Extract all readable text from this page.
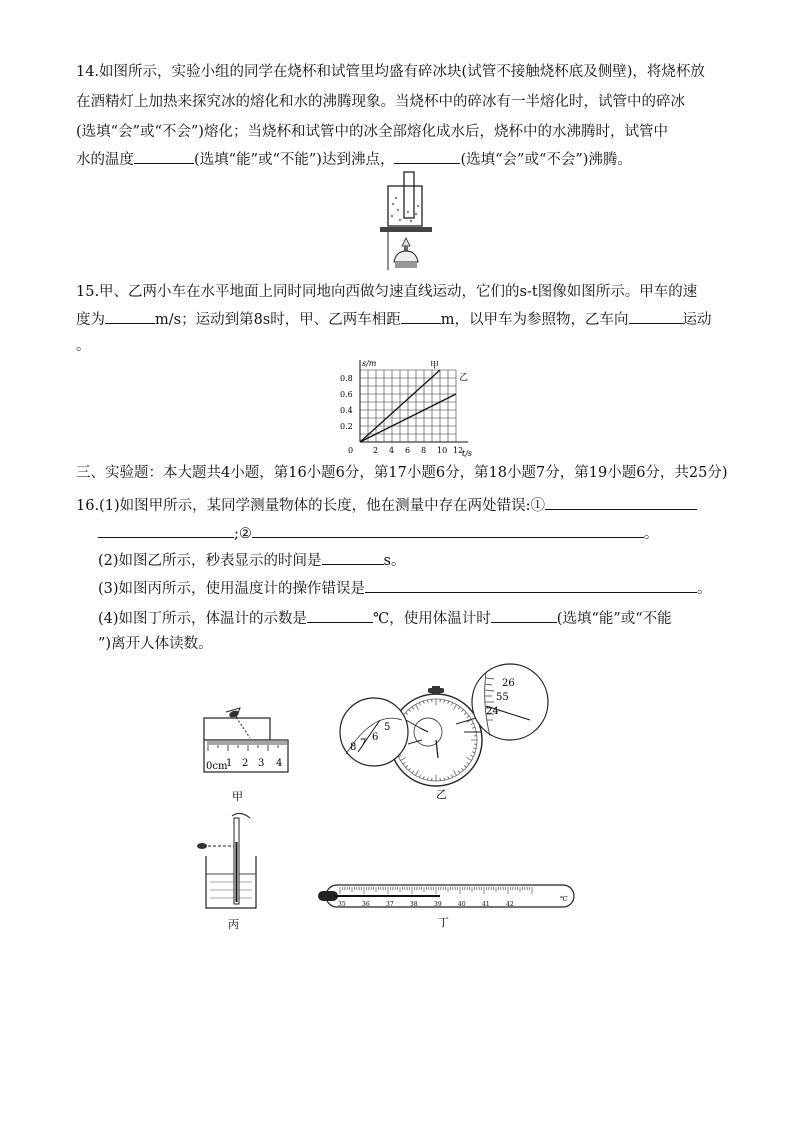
14.如图所示，实验小组的同学在烧杯和试管里均盛有碎冰块(试管不接触烧杯底及侧壁)，将烧杯放
在酒精灯上加热来探究冰的熔化和水的沸腾现象。当烧杯中的碎冰有一半熔化时，试管中的碎冰
(选填“会”或“不会”)熔化；当烧杯和试管中的冰全部熔化成水后，烧杯中的水沸腾时，试管中
水的温度	(选填“能”或“不能”)达到沸点，	(选填“会”或“不会”)沸腾。
15.甲、乙两小车在水平地面上同时同地向西做匀速直线运动，它们的s-t图像如图所示。甲车的速
度为	m/s；运动到第8s时，甲、乙两车相距	m，以甲车为参照物，乙车向	运动
。
0 2 4 6 8 10 12
0.2
0.4
0.6
0.8
t/s
s/m	甲
乙
三、实验题：本大题共4小题，第16小题6分，第17小题6分，第18小题7分，第19小题6分，共25分)
16.(1)如图甲所示，某同学测量物体的长度，他在测量中存在两处错误:①
;②	。
(2)如图乙所示，秒表显示的时间是	s。
(3)如图丙所示，使用温度计的操作错误是	。
(4)如图丁所示，体温计的示数是	℃，使用体温计时	(选填“能”或“不能
”)离开人体读数。
0cm
1 2 3 4
甲
8 7
6
5
26
55
24
乙
丙
35	36	37	38	39	40	41	42
℃
丁
